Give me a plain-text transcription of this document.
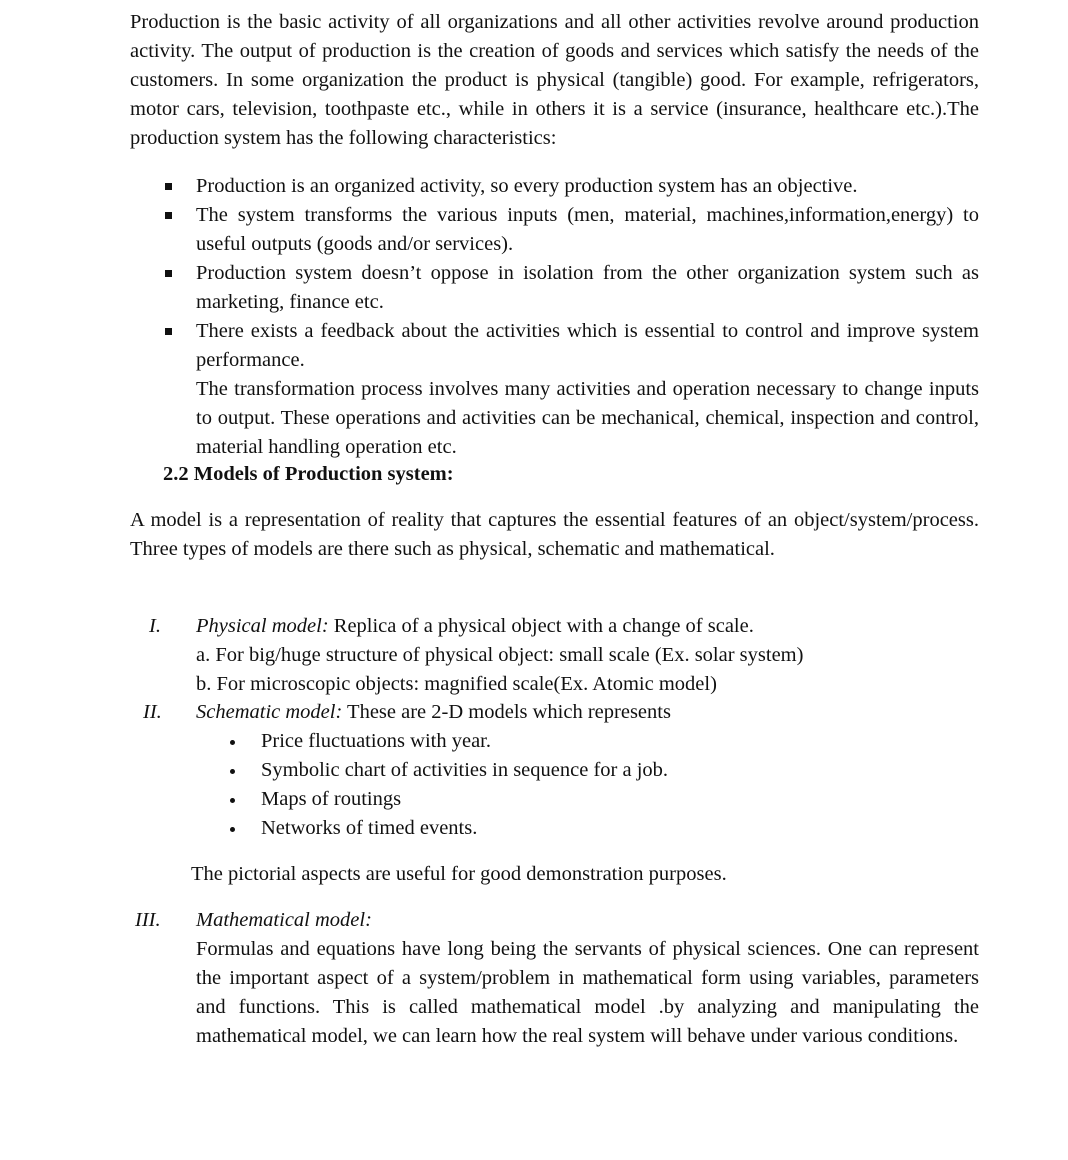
Production is the basic activity of all organizations and all other activities revolve around production activity. The output of production is the creation of goods and services which satisfy the needs of the customers. In some organization the product is physical (tangible) good. For example, refrigerators, motor cars, television, toothpaste etc., while in others it is a service (insurance, healthcare etc.).The production system has the following characteristics:

Production is an organized activity, so every production system has an objective.
The system transforms the various inputs (men, material, machines,information,energy) to useful outputs (goods and/or services).
Production system doesn’t oppose in isolation from the other organization system such as marketing, finance etc.
There exists a feedback about the activities which is essential to control and improve system performance.
The transformation process involves many activities and operation necessary to change inputs to output. These operations and activities can be mechanical, chemical, inspection and control, material handling operation etc.
2.2 Models of Production system:

A model is a representation of reality that captures the essential features of an object/system/process. Three types of models are there such as physical, schematic and mathematical.

I. Physical model: Replica of a physical object with a change of scale.
a. For big/huge structure of physical object: small scale (Ex. solar system)
b. For microscopic objects: magnified scale(Ex. Atomic model)
II. Schematic model: These are 2-D models which represents
Price fluctuations with year.
Symbolic chart of activities in sequence for a job.
Maps of routings
Networks of timed events.
The pictorial aspects are useful for good demonstration purposes.
III. Mathematical model:
Formulas and equations have long being the servants of physical sciences. One can represent the important aspect of a system/problem in mathematical form using variables, parameters and functions. This is called mathematical model .by analyzing and manipulating the mathematical model, we can learn how the real system will behave under various conditions.
